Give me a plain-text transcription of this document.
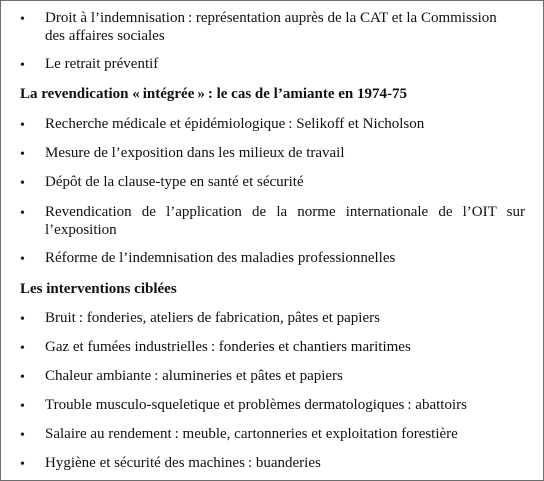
• Droit à l’indemnisation : représentation auprès de la CAT et la Commission
des affaires sociales
• Le retrait préventif
La revendication « intégrée » : le cas de l’amiante en 1974-75
• Recherche médicale et épidémiologique : Selikoff et Nicholson
• Mesure de l’exposition dans les milieux de travail
• Dépôt de la clause-type en santé et sécurité
• Revendication de l’application de la norme internationale de l’OIT sur
l’exposition
• Réforme de l’indemnisation des maladies professionnelles
Les interventions ciblées
• Bruit : fonderies, ateliers de fabrication, pâtes et papiers
• Gaz et fumées industrielles : fonderies et chantiers maritimes
• Chaleur ambiante : alumineries et pâtes et papiers
• Trouble musculo-squeletique et problèmes dermatologiques : abattoirs
• Salaire au rendement : meuble, cartonneries et exploitation forestière
• Hygiène et sécurité des machines : buanderies
